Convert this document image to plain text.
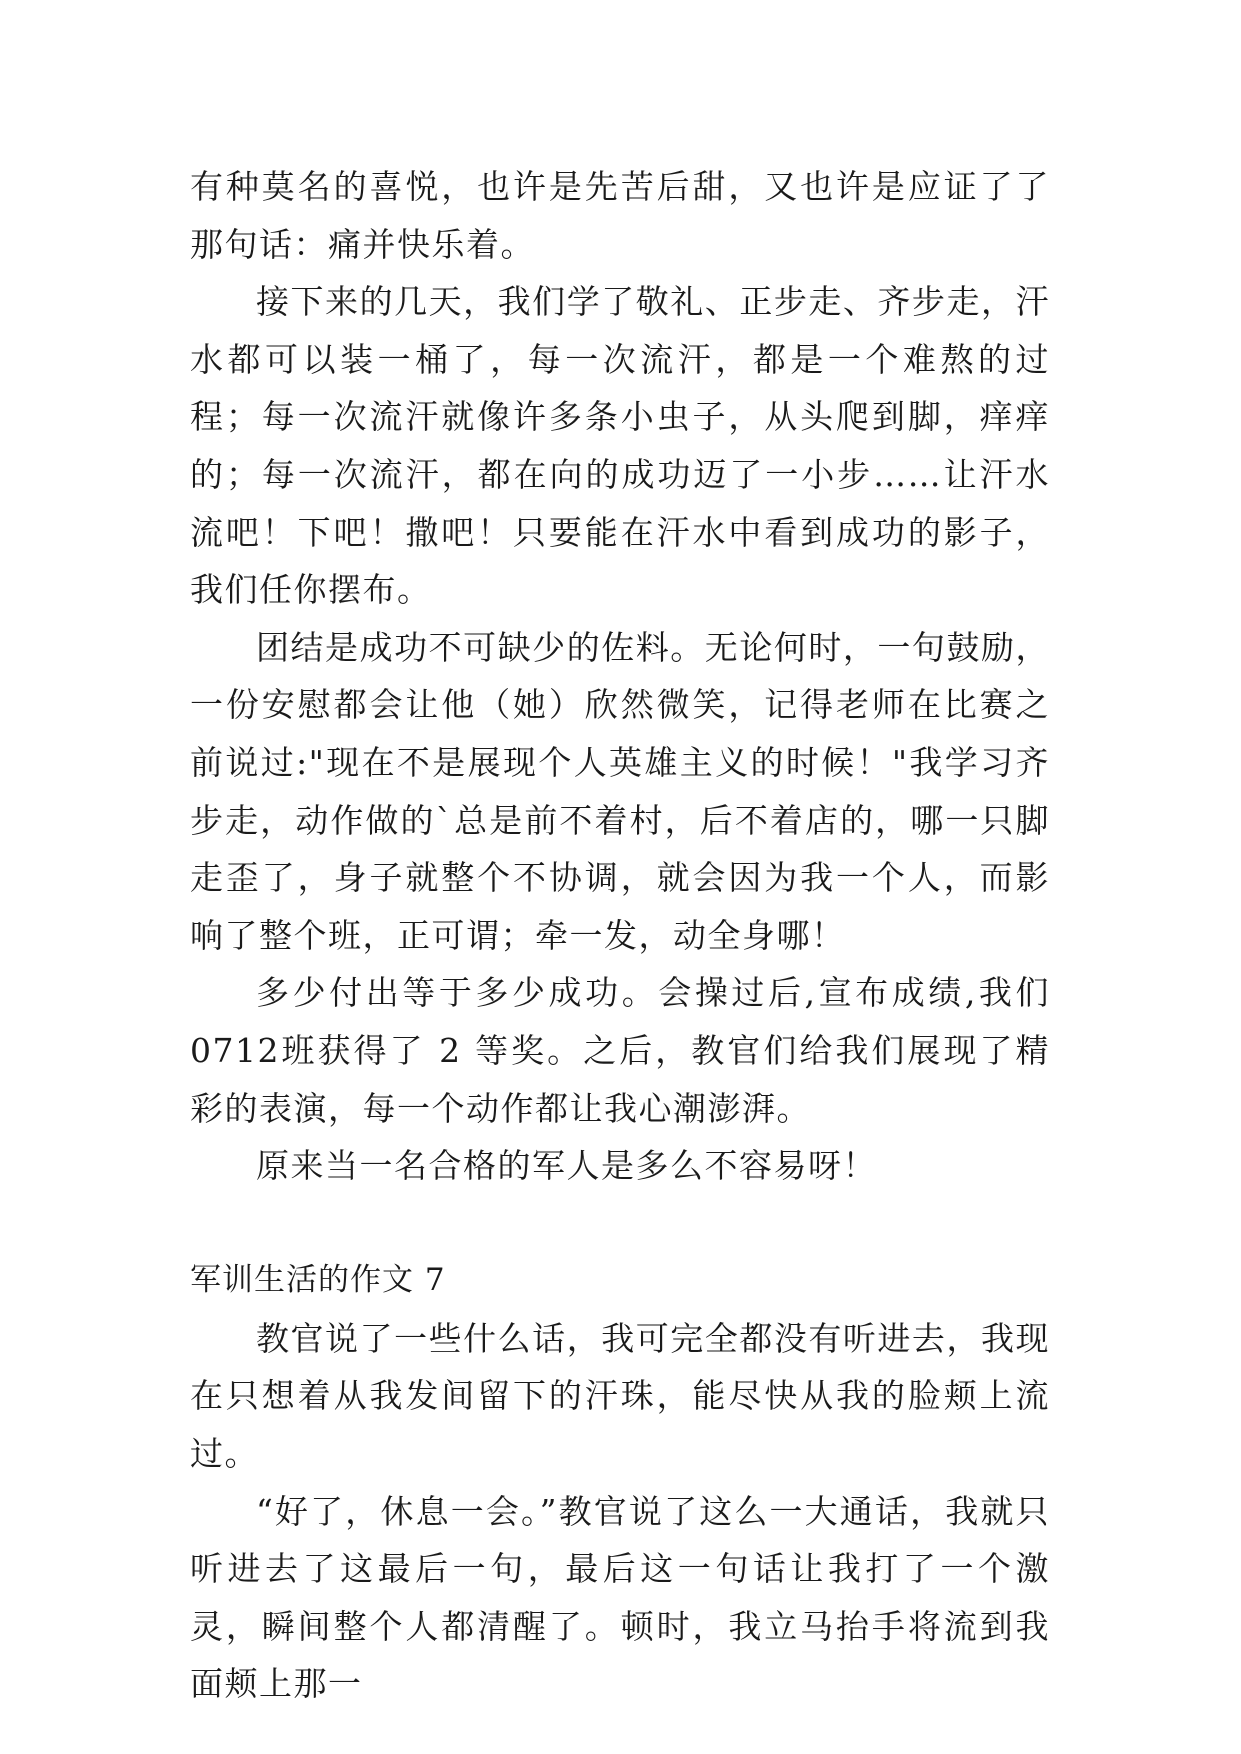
有种莫名的喜悦，也许是先苦后甜，又也许是应证了了那句话：痛并快乐着。

接下来的几天，我们学了敬礼、正步走、齐步走，汗水都可以装一桶了，每一次流汗，都是一个难熬的过程；每一次流汗就像许多条小虫子，从头爬到脚，痒痒的；每一次流汗，都在向的成功迈了一小步……让汗水流吧！下吧！撒吧！只要能在汗水中看到成功的影子，我们任你摆布。

团结是成功不可缺少的佐料。无论何时，一句鼓励，一份安慰都会让他（她）欣然微笑，记得老师在比赛之前说过:"现在不是展现个人英雄主义的时候！"我学习齐步走，动作做的`总是前不着村，后不着店的，哪一只脚走歪了，身子就整个不协调，就会因为我一个人，而影响了整个班，正可谓；牵一发，动全身哪！

多少付出等于多少成功。会操过后,宣布成绩,我们0712班获得了 2 等奖。之后，教官们给我们展现了精彩的表演，每一个动作都让我心潮澎湃。

原来当一名合格的军人是多么不容易呀！

军训生活的作文 7

教官说了一些什么话，我可完全都没有听进去，我现在只想着从我发间留下的汗珠，能尽快从我的脸颊上流过。

“好了，休息一会。”教官说了这么一大通话，我就只听进去了这最后一句，最后这一句话让我打了一个激灵，瞬间整个人都清醒了。顿时，我立马抬手将流到我面颊上那一
